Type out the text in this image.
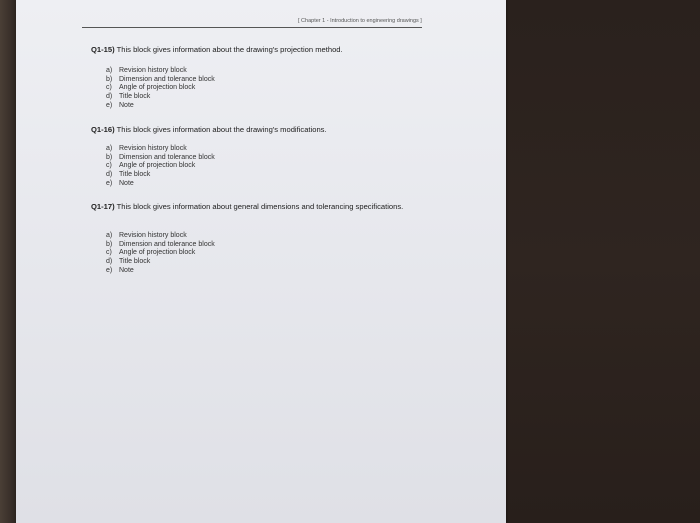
[ Chapter 1 - Introduction to engineering drawings ]
Q1-15) This block gives information about the drawing's projection method.
a) Revision history block
b) Dimension and tolerance block
c) Angle of projection block
d) Title block
e) Note
Q1-16) This block gives information about the drawing's modifications.
a) Revision history block
b) Dimension and tolerance block
c) Angle of projection block
d) Title block
e) Note
Q1-17) This block gives information about general dimensions and tolerancing specifications.
a) Revision history block
b) Dimension and tolerance block
c) Angle of projection block
d) Title block
e) Note
